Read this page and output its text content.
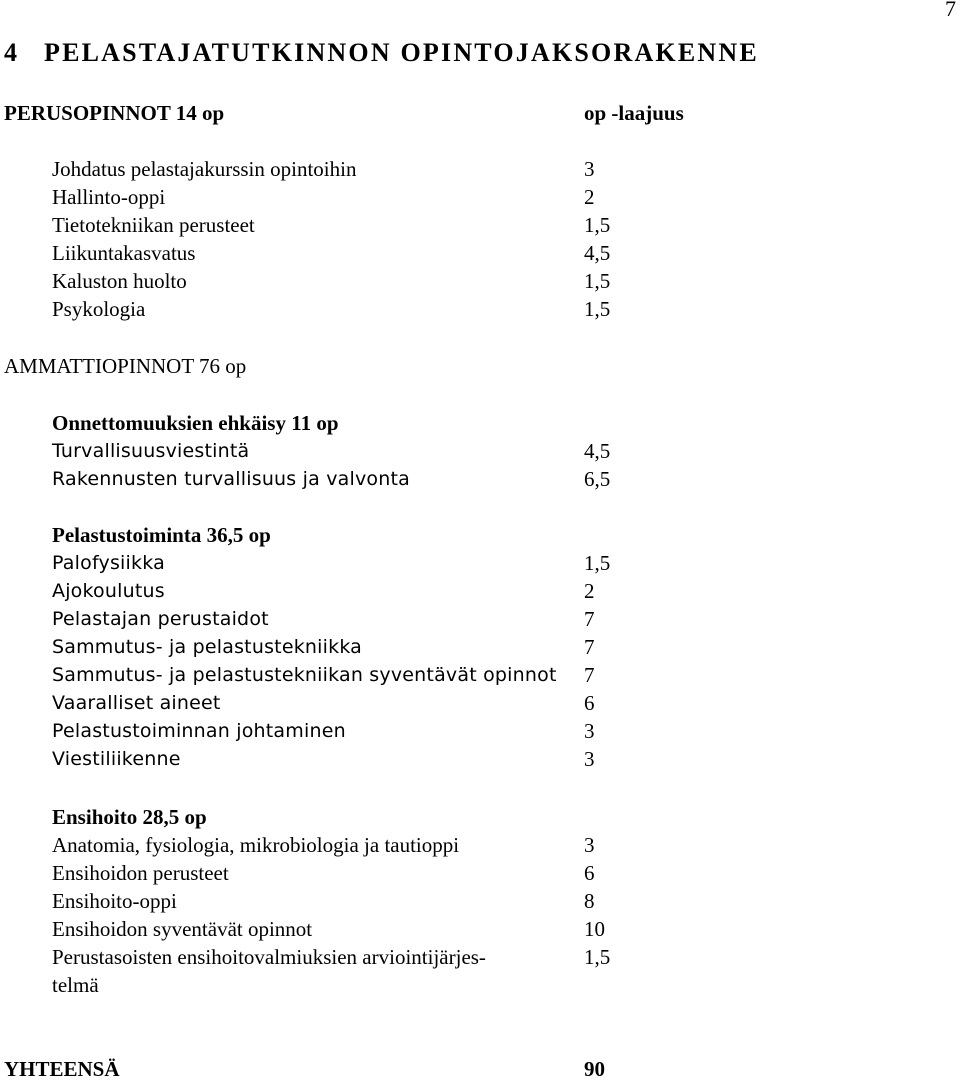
7
4 PELASTAJATUTKINNON OPINTOJAKSORAKENNE
PERUSOPINNOT 14 op	op -laajuus
Johdatus pelastajakurssin opintoihin	3
Hallinto-oppi	2
Tietotekniikan perusteet	1,5
Liikuntakasvatus	4,5
Kaluston huolto	1,5
Psykologia	1,5
AMMATTIOPINNOT 76 op
Onnettomuuksien ehkäisy 11 op
Turvallisuusviestintä	4,5
Rakennusten turvallisuus ja valvonta	6,5
Pelastustoiminta 36,5 op
Palofysiikka	1,5
Ajokoulutus	2
Pelastajan perustaidot	7
Sammutus- ja pelastustekniikka	7
Sammutus- ja pelastustekniikan syventävät opinnot 7
Vaaralliset aineet	6
Pelastustoiminnan johtaminen	3
Viestiliikenne	3
Ensihoito 28,5 op
Anatomia, fysiologia, mikrobiologia ja tautioppi	3
Ensihoidon perusteet	6
Ensihoito-oppi	8
Ensihoidon syventävät opinnot	10
Perustasoisten ensihoitovalmiuksien arviointijärjes-	1,5
telmä
YHTEENSÄ	90
